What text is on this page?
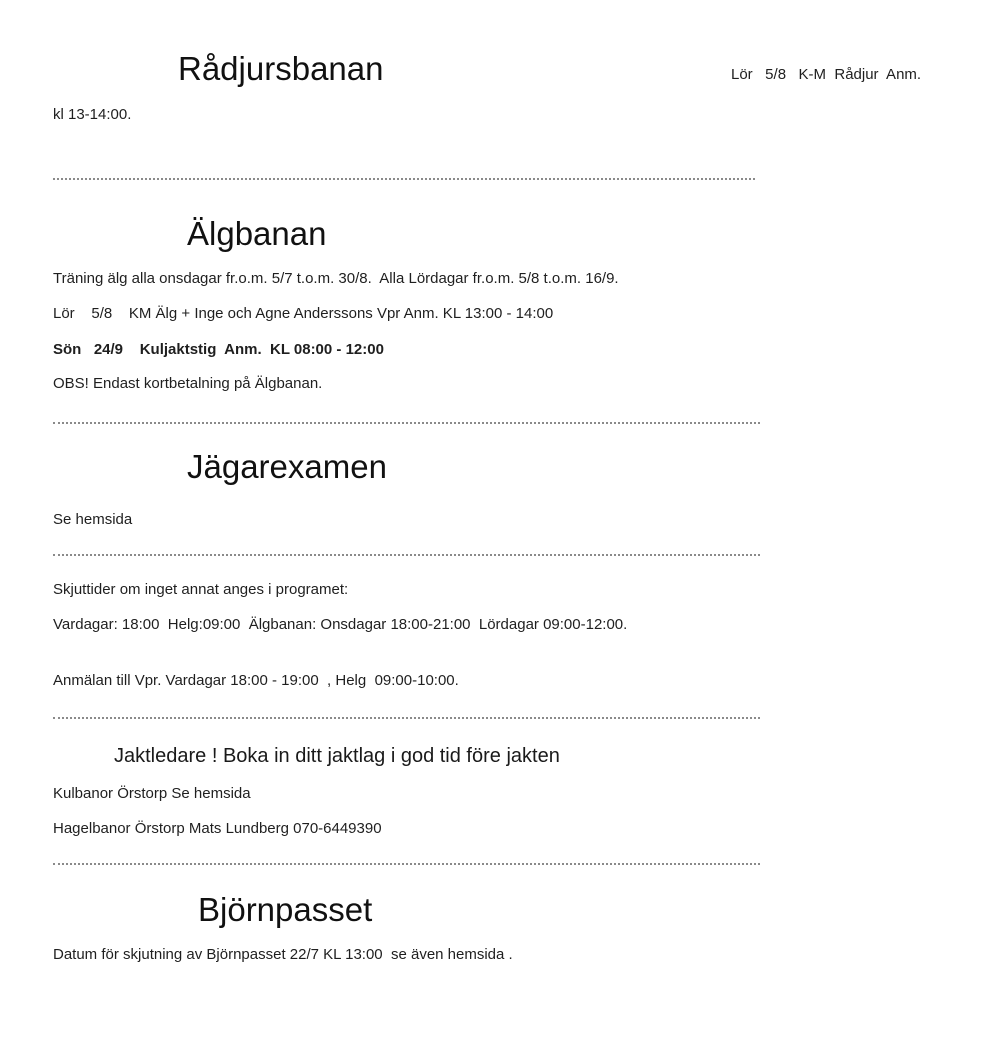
Rådjursbanan	Lör   5/8   K-M  Rådjur  Anm.
kl 13-14:00.
Älgbanan
Träning älg alla onsdagar fr.o.m. 5/7 t.o.m. 30/8.  Alla Lördagar fr.o.m. 5/8 t.o.m. 16/9.
Lör    5/8    KM Älg + Inge och Agne Anderssons Vpr Anm. KL 13:00 - 14:00
Sön   24/9    Kuljaktstig  Anm.  KL 08:00 - 12:00
OBS! Endast kortbetalning på Älgbanan.
Jägarexamen
Se hemsida
Skjuttider om inget annat anges i programet:
Vardagar: 18:00  Helg:09:00  Älgbanan: Onsdagar 18:00-21:00  Lördagar 09:00-12:00.
Anmälan till Vpr. Vardagar 18:00 - 19:00  , Helg  09:00-10:00.
Jaktledare ! Boka in ditt jaktlag i god tid före jakten
Kulbanor Örstorp Se hemsida
Hagelbanor Örstorp Mats Lundberg 070-6449390
Björnpasset
Datum för skjutning av Björnpasset 22/7 KL 13:00  se även hemsida .
